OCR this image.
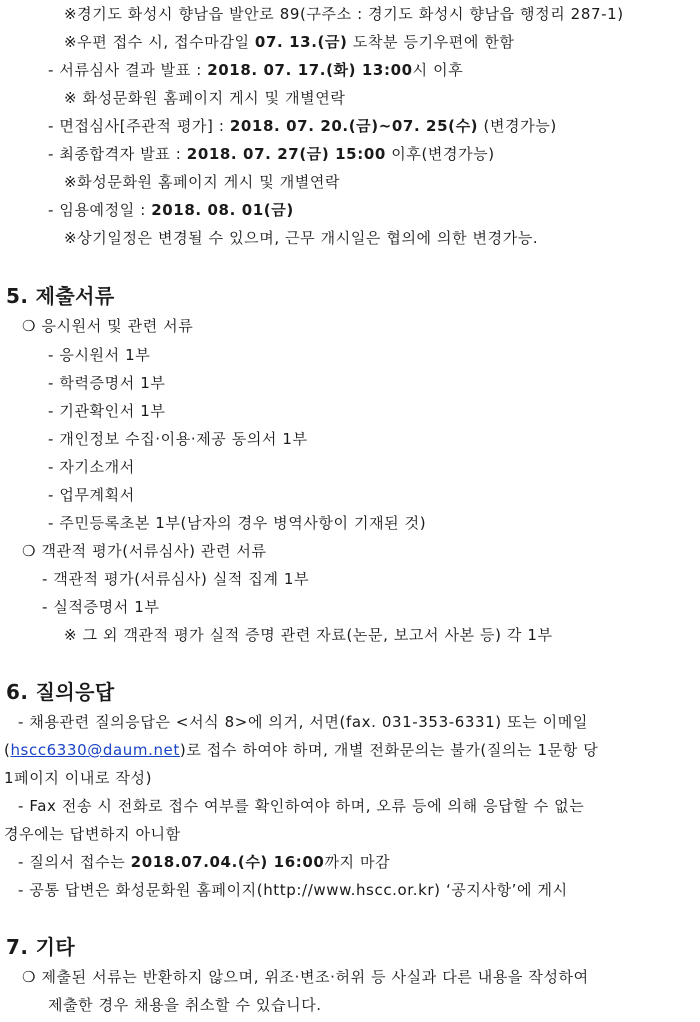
※경기도 화성시 향남읍 발안로 89(구주소 : 경기도 화성시 향남읍 행정리 287-1)
※우편 접수 시, 접수마감일 07. 13.(금) 도착분 등기우편에 한함
- 서류심사 결과 발표 : 2018. 07. 17.(화) 13:00시 이후
※ 화성문화원 홈페이지 게시 및 개별연락
- 면접심사[주관적 평가] : 2018. 07. 20.(금)~07. 25(수) (변경가능)
- 최종합격자 발표 : 2018. 07. 27(금) 15:00 이후(변경가능)
※화성문화원 홈페이지 게시 및 개별연락
- 임용예정일 : 2018. 08. 01(금)
※상기일정은 변경될 수 있으며, 근무 개시일은 협의에 의한 변경가능.
5. 제출서류
❍ 응시원서 및 관련 서류
- 응시원서 1부
- 학력증명서 1부
- 기관확인서 1부
- 개인정보 수집·이용·제공 동의서 1부
- 자기소개서
- 업무계획서
- 주민등록초본 1부(남자의 경우 병역사항이 기재된 것)
❍ 객관적 평가(서류심사) 관련 서류
- 객관적 평가(서류심사) 실적 집계 1부
- 실적증명서 1부
※ 그 외 객관적 평가 실적 증명 관련 자료(논문, 보고서 사본 등) 각 1부
6. 질의응답
- 채용관련 질의응답은 <서식 8>에 의거, 서면(fax. 031-353-6331) 또는 이메일
(hscc6330@daum.net)로 접수 하여야 하며, 개별 전화문의는 불가(질의는 1문항 당
1페이지 이내로 작성)
- Fax 전송 시 전화로 접수 여부를 확인하여야 하며, 오류 등에 의해 응답할 수 없는
경우에는 답변하지 아니함
- 질의서 접수는 2018.07.04.(수) 16:00까지 마감
- 공통 답변은 화성문화원 홈페이지(http://www.hscc.or.kr) ‘공지사항’에 게시
7. 기타
❍ 제출된 서류는 반환하지 않으며, 위조·변조·허위 등 사실과 다른 내용을 작성하여
제출한 경우 채용을 취소할 수 있습니다.
